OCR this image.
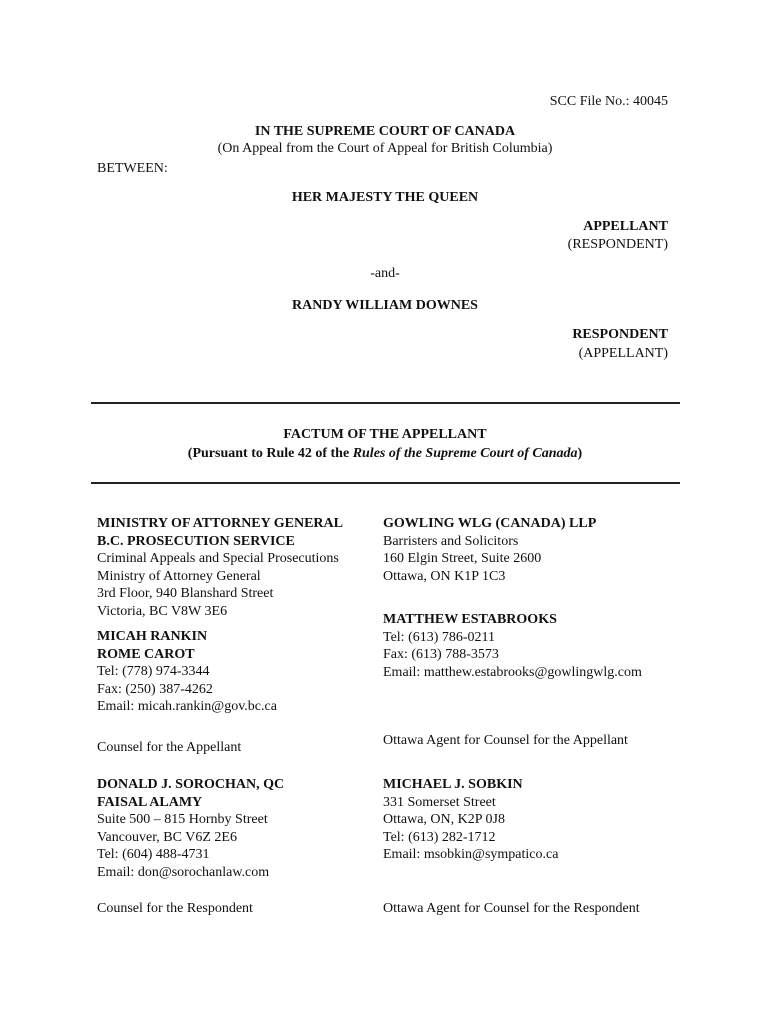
SCC File No.: 40045
IN THE SUPREME COURT OF CANADA
(On Appeal from the Court of Appeal for British Columbia)
BETWEEN:
HER MAJESTY THE QUEEN
APPELLANT
(RESPONDENT)
-and-
RANDY WILLIAM DOWNES
RESPONDENT
(APPELLANT)
FACTUM OF THE APPELLANT
(Pursuant to Rule 42 of the Rules of the Supreme Court of Canada)
MINISTRY OF ATTORNEY GENERAL
B.C. PROSECUTION SERVICE
Criminal Appeals and Special Prosecutions
Ministry of Attorney General
3rd Floor, 940 Blanshard Street
Victoria, BC V8W 3E6
MICAH RANKIN
ROME CAROT
Tel: (778) 974-3344
Fax: (250) 387-4262
Email: micah.rankin@gov.bc.ca
Counsel for the Appellant
GOWLING WLG (CANADA) LLP
Barristers and Solicitors
160 Elgin Street, Suite 2600
Ottawa, ON K1P 1C3
MATTHEW ESTABROOKS
Tel: (613) 786-0211
Fax: (613) 788-3573
Email: matthew.estabrooks@gowlingwlg.com
Ottawa Agent for Counsel for the Appellant
DONALD J. SOROCHAN, QC
FAISAL ALAMY
Suite 500 – 815 Hornby Street
Vancouver, BC V6Z 2E6
Tel: (604) 488-4731
Email: don@sorochanlaw.com
Counsel for the Respondent
MICHAEL J. SOBKIN
331 Somerset Street
Ottawa, ON, K2P 0J8
Tel: (613) 282-1712
Email: msobkin@sympatico.ca
Ottawa Agent for Counsel for the Respondent
